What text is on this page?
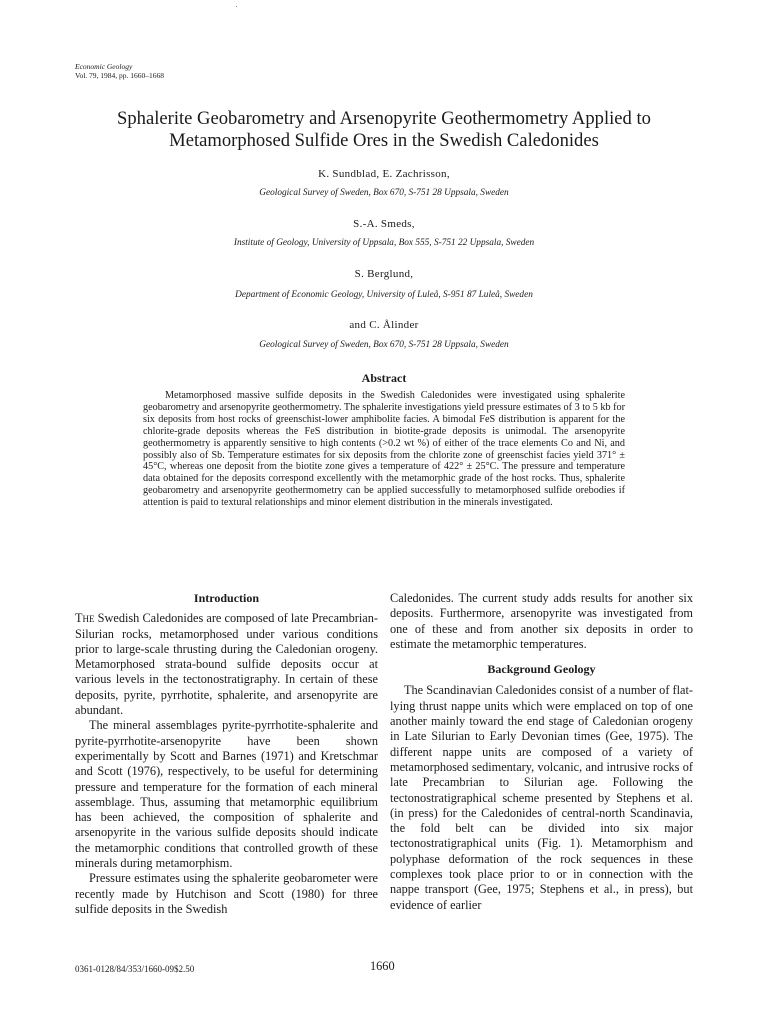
Economic Geology
Vol. 79, 1984, pp. 1660–1668
Sphalerite Geobarometry and Arsenopyrite Geothermometry Applied to
Metamorphosed Sulfide Ores in the Swedish Caledonides
K. Sundblad, E. Zachrisson,
Geological Survey of Sweden, Box 670, S-751 28 Uppsala, Sweden
S.-A. Smeds,
Institute of Geology, University of Uppsala, Box 555, S-751 22 Uppsala, Sweden
S. Berglund,
Department of Economic Geology, University of Luleå, S-951 87 Luleå, Sweden
and C. Ålinder
Geological Survey of Sweden, Box 670, S-751 28 Uppsala, Sweden
Abstract
Metamorphosed massive sulfide deposits in the Swedish Caledonides were investigated using sphalerite geobarometry and arsenopyrite geothermometry. The sphalerite investigations yield pressure estimates of 3 to 5 kb for six deposits from host rocks of greenschist-lower amphibolite facies. A bimodal FeS distribution is apparent for the chlorite-grade deposits whereas the FeS distribution in biotite-grade deposits is unimodal. The arsenopyrite geothermometry is apparently sensitive to high contents (>0.2 wt %) of either of the trace elements Co and Ni, and possibly also of Sb. Temperature estimates for six deposits from the chlorite zone of greenschist facies yield 371° ± 45°C, whereas one deposit from the biotite zone gives a temperature of 422° ± 25°C. The pressure and temperature data obtained for the deposits correspond excellently with the metamorphic grade of the host rocks. Thus, sphalerite geobarometry and arsenopyrite geothermometry can be applied successfully to metamorphosed sulfide orebodies if attention is paid to textural relationships and minor element distribution in the minerals investigated.
Introduction

The Swedish Caledonides are composed of late Precambrian-Silurian rocks, metamorphosed under various conditions prior to large-scale thrusting during the Caledonian orogeny. Metamorphosed strata-bound sulfide deposits occur at various levels in the tectonostratigraphy. In certain of these deposits, pyrite, pyrrhotite, sphalerite, and arsenopyrite are abundant.

The mineral assemblages pyrite-pyrrhotite-sphalerite and pyrite-pyrrhotite-arsenopyrite have been shown experimentally by Scott and Barnes (1971) and Kretschmar and Scott (1976), respectively, to be useful for determining pressure and temperature for the formation of each mineral assemblage. Thus, assuming that metamorphic equilibrium has been achieved, the composition of sphalerite and arsenopyrite in the various sulfide deposits should indicate the metamorphic conditions that controlled growth of these minerals during metamorphism.

Pressure estimates using the sphalerite geobarometer were recently made by Hutchison and Scott (1980) for three sulfide deposits in the Swedish

Caledonides. The current study adds results for another six deposits. Furthermore, arsenopyrite was investigated from one of these and from another six deposits in order to estimate the metamorphic temperatures.

Background Geology

The Scandinavian Caledonides consist of a number of flat-lying thrust nappe units which were emplaced on top of one another mainly toward the end stage of Caledonian orogeny in Late Silurian to Early Devonian times (Gee, 1975). The different nappe units are composed of a variety of metamorphosed sedimentary, volcanic, and intrusive rocks of late Precambrian to Silurian age. Following the tectonostratigraphical scheme presented by Stephens et al. (in press) for the Caledonides of central-north Scandinavia, the fold belt can be divided into six major tectonostratigraphical units (Fig. 1). Metamorphism and polyphase deformation of the rock sequences in these complexes took place prior to or in connection with the nappe transport (Gee, 1975; Stephens et al., in press), but evidence of earlier

0361-0128/84/353/1660-09$2.50	1660
